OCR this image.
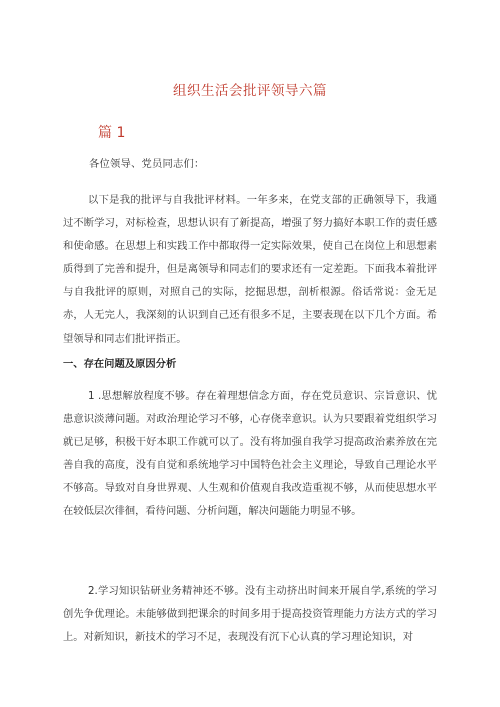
组织生活会批评领导六篇
篇 1
各位领导、党员同志们：

以下是我的批评与自我批评材料。一年多来，在党支部的正确领导下，我通过不断学习，对标检查，思想认识有了新提高，增强了努力搞好本职工作的责任感和使命感。在思想上和实践工作中都取得一定实际效果，使自己在岗位上和思想素质得到了完善和提升，但是离领导和同志们的要求还有一定差距。下面我本着批评与自我批评的原则，对照自己的实际，挖掘思想，剖析根源。俗话常说：金无足赤，人无完人，我深刻的认识到自己还有很多不足，主要表现在以下几个方面。希望领导和同志们批评指正。

一、存在问题及原因分析

1 .思想解放程度不够。存在着理想信念方面，存在党员意识、宗旨意识、忧患意识淡薄问题。对政治理论学习不够，心存侥幸意识。认为只要跟着党组织学习就已足够，积极干好本职工作就可以了。没有将加强自我学习提高政治素养放在完善自我的高度，没有自觉和系统地学习中国特色社会主义理论，导致自己理论水平不够高。导致对自身世界观、人生观和价值观自我改造重视不够，从而使思想水平在较低层次徘徊，看待问题、分析问题，解决问题能力明显不够。

2.学习知识钻研业务精神还不够。没有主动挤出时间来开展自学,系统的学习创先争优理论。未能够做到把课余的时间多用于提高投资管理能力方法方式的学习上。对新知识，新技术的学习不足，表现没有沉下心认真的学习理论知识，对
